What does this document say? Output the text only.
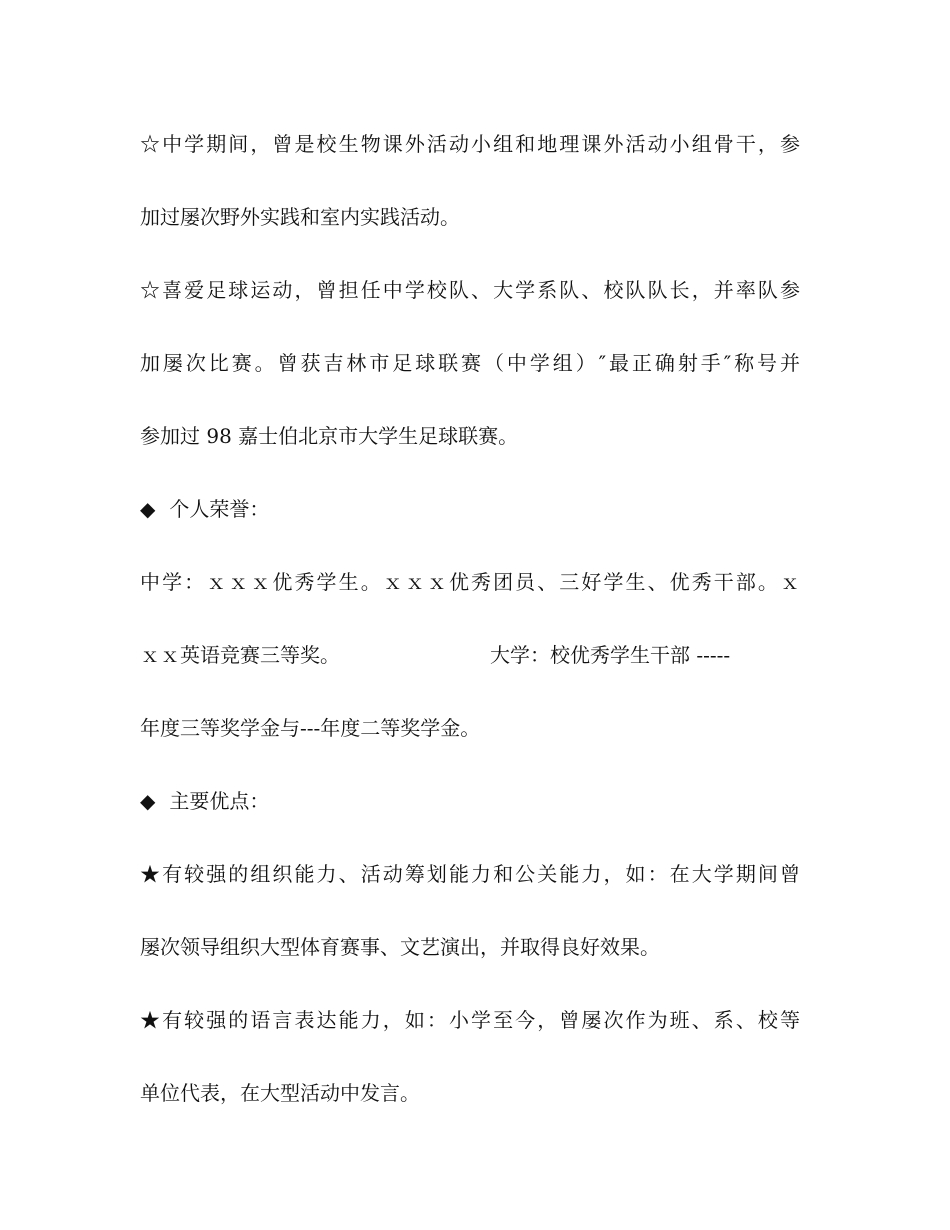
☆中学期间，曾是校生物课外活动小组和地理课外活动小组骨干，参
加过屡次野外实践和室内实践活动。
☆喜爱足球运动，曾担任中学校队、大学系队、校队队长，并率队参
加屡次比赛。曾获吉林市足球联赛（中学组）″最正确射手″称号并
参加过 98 嘉士伯北京市大学生足球联赛。
◆ 个人荣誉：
中学：ｘｘｘ优秀学生。ｘｘｘ优秀团员、三好学生、优秀干部。ｘ
ｘｘ英语竞赛三等奖。	大学：校优秀学生干部 -----
年度三等奖学金与---年度二等奖学金。
◆ 主要优点：
★有较强的组织能力、活动筹划能力和公关能力，如：在大学期间曾
屡次领导组织大型体育赛事、文艺演出，并取得良好效果。
★有较强的语言表达能力，如：小学至今，曾屡次作为班、系、校等
单位代表，在大型活动中发言。
